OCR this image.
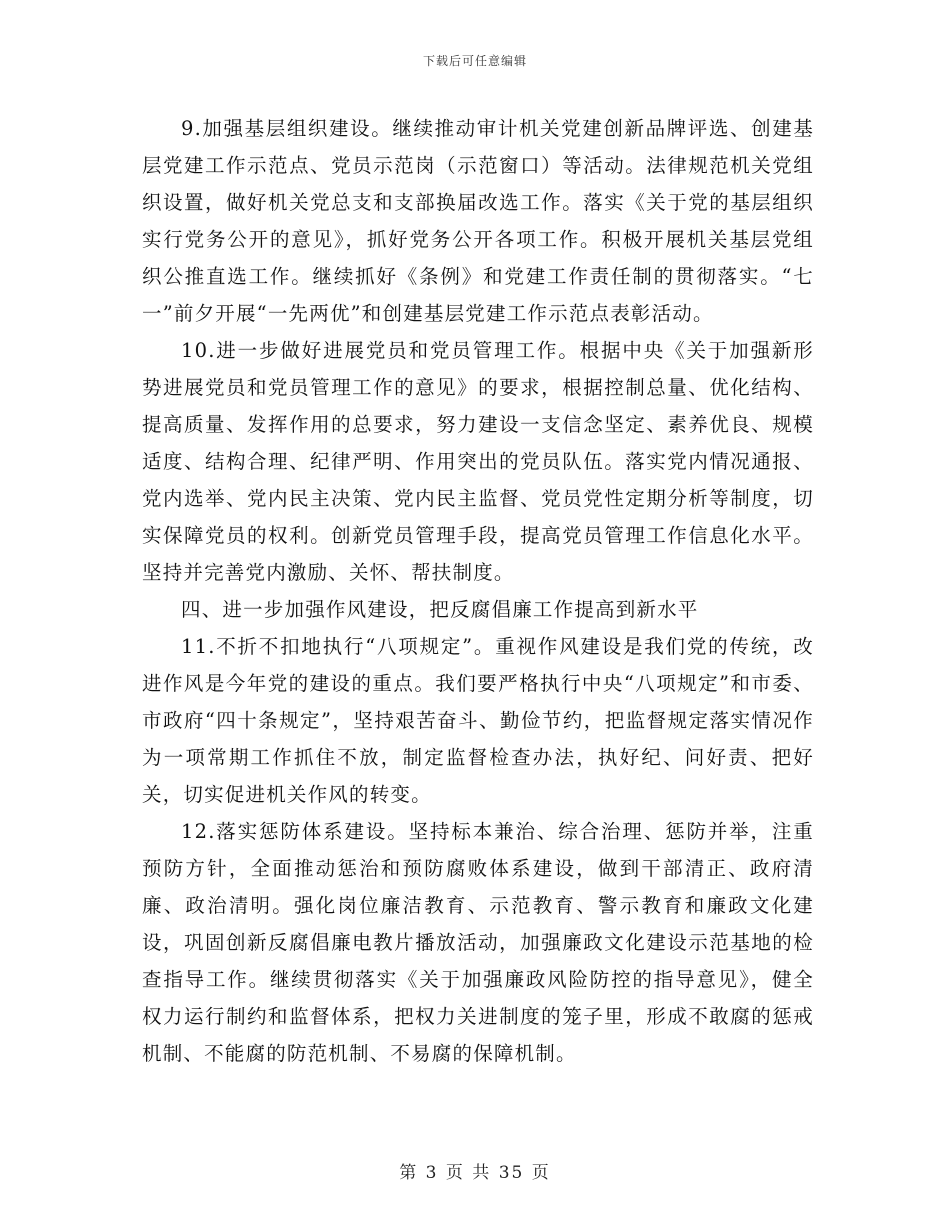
下载后可任意编辑

9.加强基层组织建设。继续推动审计机关党建创新品牌评选、创建基层党建工作示范点、党员示范岗（示范窗口）等活动。法律规范机关党组织设置，做好机关党总支和支部换届改选工作。落实《关于党的基层组织实行党务公开的意见》，抓好党务公开各项工作。积极开展机关基层党组织公推直选工作。继续抓好《条例》和党建工作责任制的贯彻落实。“七一”前夕开展“一先两优”和创建基层党建工作示范点表彰活动。

10.进一步做好进展党员和党员管理工作。根据中央《关于加强新形势进展党员和党员管理工作的意见》的要求，根据控制总量、优化结构、提高质量、发挥作用的总要求，努力建设一支信念坚定、素养优良、规模适度、结构合理、纪律严明、作用突出的党员队伍。落实党内情况通报、党内选举、党内民主决策、党内民主监督、党员党性定期分析等制度，切实保障党员的权利。创新党员管理手段，提高党员管理工作信息化水平。坚持并完善党内激励、关怀、帮扶制度。

四、进一步加强作风建设，把反腐倡廉工作提高到新水平

11.不折不扣地执行“八项规定”。重视作风建设是我们党的传统，改进作风是今年党的建设的重点。我们要严格执行中央“八项规定”和市委、市政府“四十条规定”，坚持艰苦奋斗、勤俭节约，把监督规定落实情况作为一项常期工作抓住不放，制定监督检查办法，执好纪、问好责、把好关，切实促进机关作风的转变。

12.落实惩防体系建设。坚持标本兼治、综合治理、惩防并举，注重预防方针，全面推动惩治和预防腐败体系建设，做到干部清正、政府清廉、政治清明。强化岗位廉洁教育、示范教育、警示教育和廉政文化建设，巩固创新反腐倡廉电教片播放活动，加强廉政文化建设示范基地的检查指导工作。继续贯彻落实《关于加强廉政风险防控的指导意见》，健全权力运行制约和监督体系，把权力关进制度的笼子里，形成不敢腐的惩戒机制、不能腐的防范机制、不易腐的保障机制。

第 3 页 共 35 页
